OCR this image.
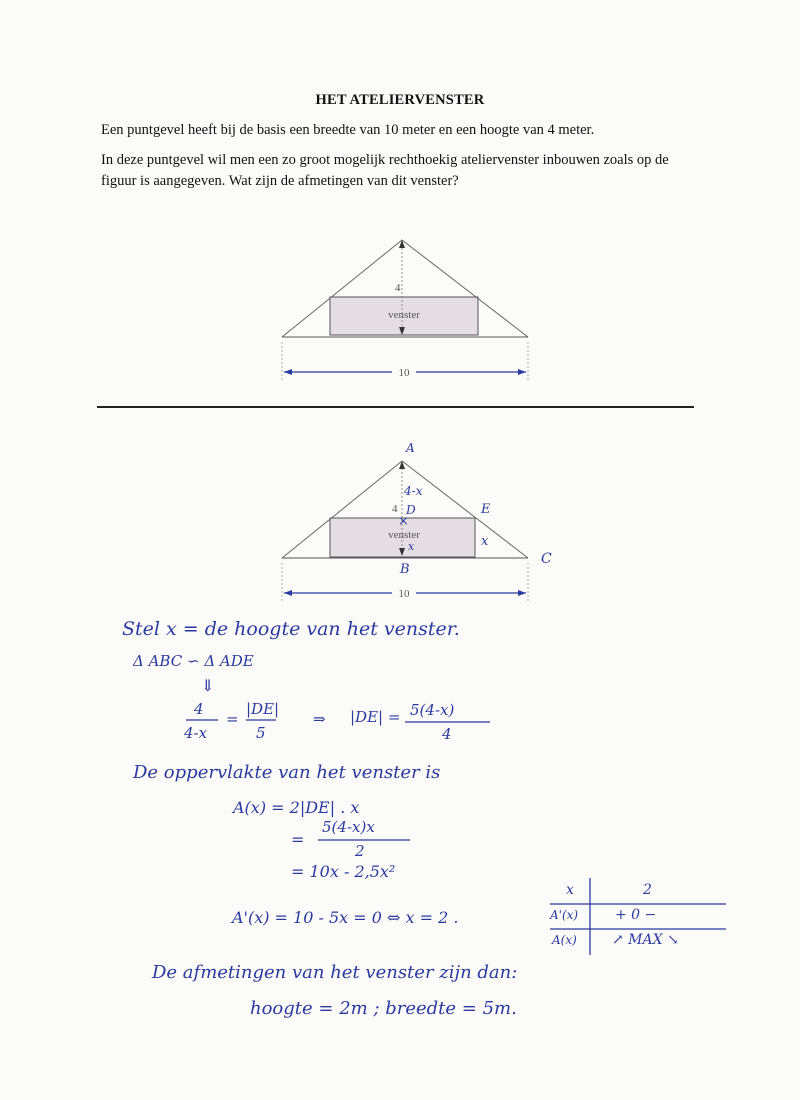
HET ATELIERVENSTER

Een puntgevel heeft bij de basis een breedte van 10 meter en een hoogte van 4 meter.

In deze puntgevel wil men een zo groot mogelijk rechthoekig ateliervenster inbouwen zoals op de figuur is aangegeven. Wat zijn de afmetingen van dit venster?

4
venster
10
4
venster
×
10
A
4-x
D	E
x
x
B
C
Stel x = de hoogte van het venster.
Δ ABC ∽ Δ ADE
⇓
4
4-x
=
|DE|
5
⇒ |DE| = 5(4-x)
4
De oppervlakte van het venster is
A(x) = 2|DE| . x
=
5(4-x)x
2
= 10x - 2,5x²
A'(x) = 10 - 5x = 0 ⇔ x = 2 .
x	2
A'(x)	+ 0 −
A(x)	↗ MAX ↘
De afmetingen van het venster zijn dan:
hoogte = 2m ; breedte = 5m.
